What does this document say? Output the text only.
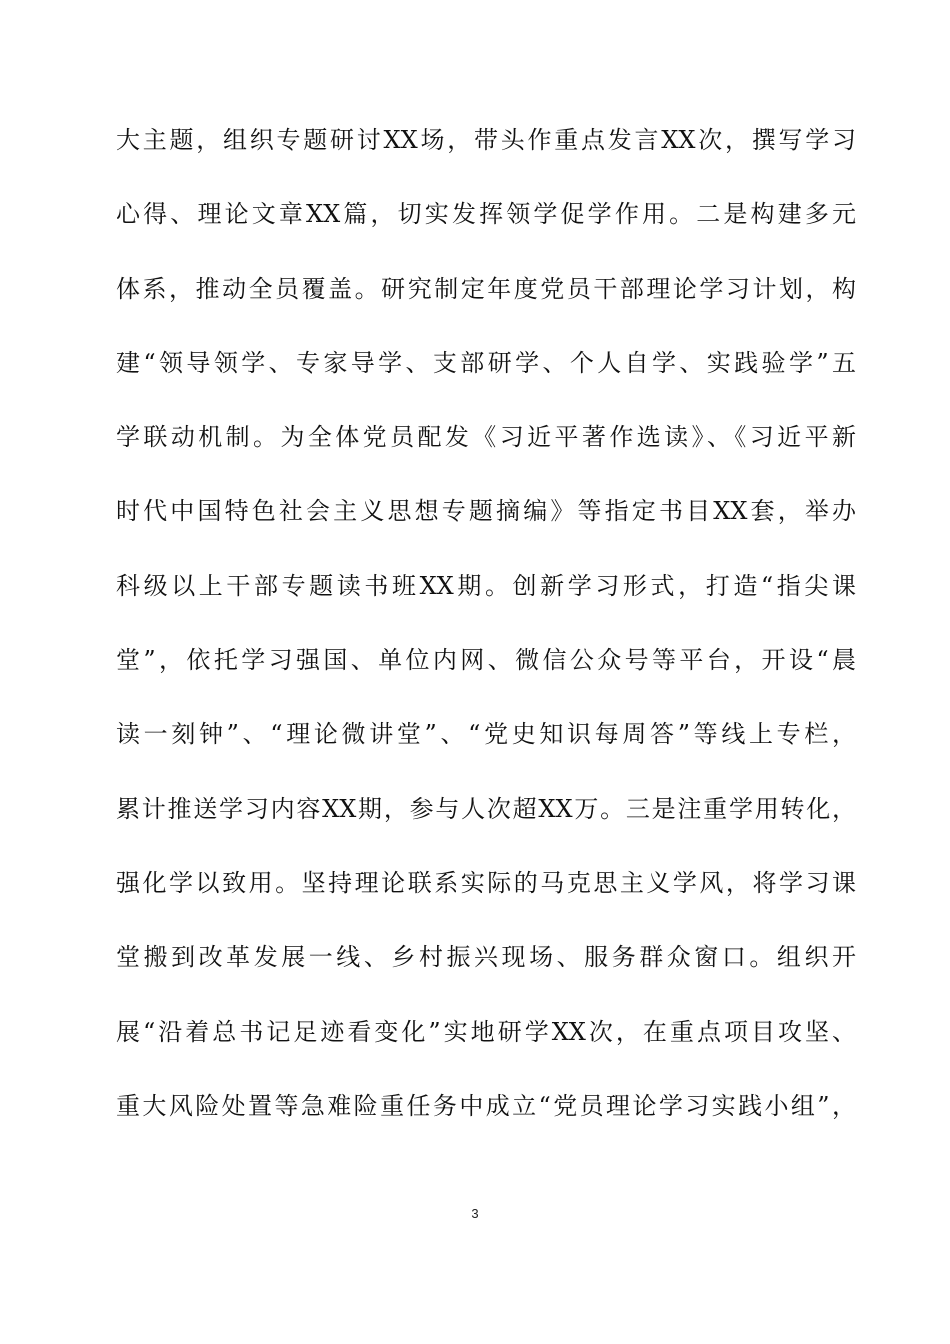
大主题，组织专题研讨XX场，带头作重点发言XX次，撰写学习
心得、理论文章XX篇，切实发挥领学促学作用。二是构建多元
体系，推动全员覆盖。研究制定年度党员干部理论学习计划，构
建“领导领学、专家导学、支部研学、个人自学、实践验学”五
学联动机制。为全体党员配发《习近平著作选读》、《习近平新
时代中国特色社会主义思想专题摘编》等指定书目XX套，举办
科级以上干部专题读书班XX期。创新学习形式，打造“指尖课
堂”，依托学习强国、单位内网、微信公众号等平台，开设“晨
读一刻钟”、“理论微讲堂”、“党史知识每周答”等线上专栏，
累计推送学习内容XX期，参与人次超XX万。三是注重学用转化，
强化学以致用。坚持理论联系实际的马克思主义学风，将学习课
堂搬到改革发展一线、乡村振兴现场、服务群众窗口。组织开
展“沿着总书记足迹看变化”实地研学XX次，在重点项目攻坚、
重大风险处置等急难险重任务中成立“党员理论学习实践小组”，
3
